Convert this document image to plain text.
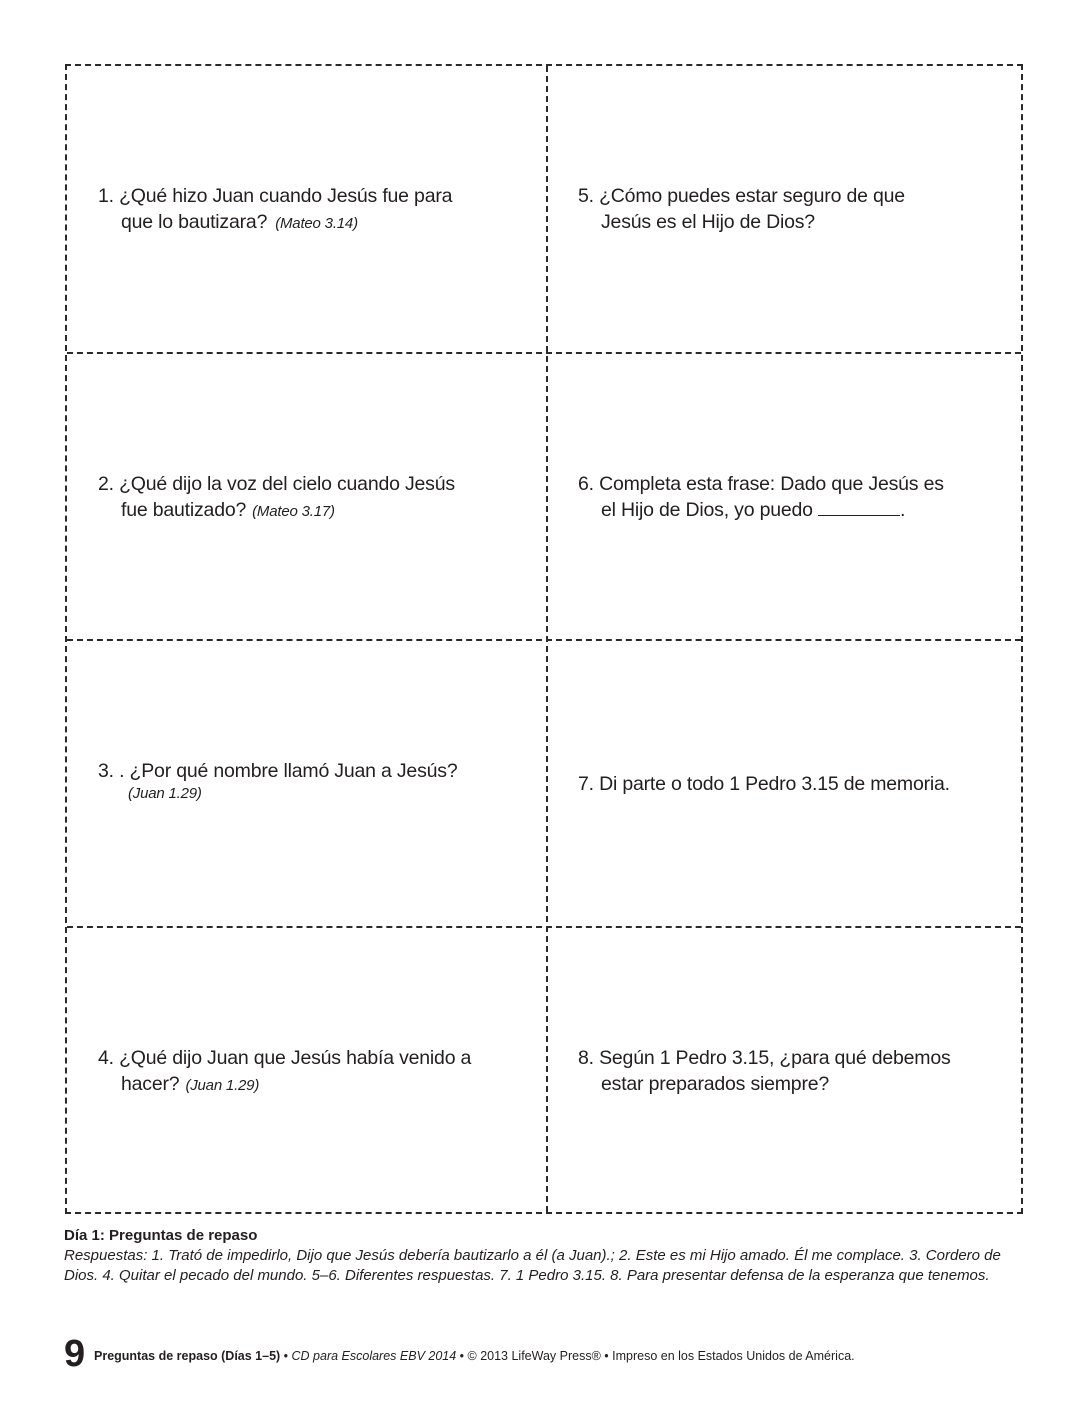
1. ¿Qué hizo Juan cuando Jesús fue para
que lo bautizara? (Mateo 3.14)
2. ¿Qué dijo la voz del cielo cuando Jesús
fue bautizado? (Mateo 3.17)
3. . ¿Por qué nombre llamó Juan a Jesús?
(Juan 1.29)
4. ¿Qué dijo Juan que Jesús había venido a
hacer? (Juan 1.29)
5. ¿Cómo puedes estar seguro de que
Jesús es el Hijo de Dios?
6. Completa esta frase: Dado que Jesús es
el Hijo de Dios, yo puedo	.
7. Di parte o todo 1 Pedro 3.15 de memoria.
8. Según 1 Pedro 3.15, ¿para qué debemos
estar preparados siempre?
Día 1: Preguntas de repaso
Respuestas: 1. Trató de impedirlo, Dijo que Jesús debería bautizarlo a él (a Juan).; 2. Este es mi Hijo amado. Él me complace. 3. Cordero de Dios. 4. Quitar el pecado del mundo. 5–6. Diferentes respuestas. 7. 1 Pedro 3.15. 8. Para presentar defensa de la esperanza que tenemos.
9 Preguntas de repaso (Días 1–5) • CD para Escolares EBV 2014 • © 2013 LifeWay Press® • Impreso en los Estados Unidos de América.
